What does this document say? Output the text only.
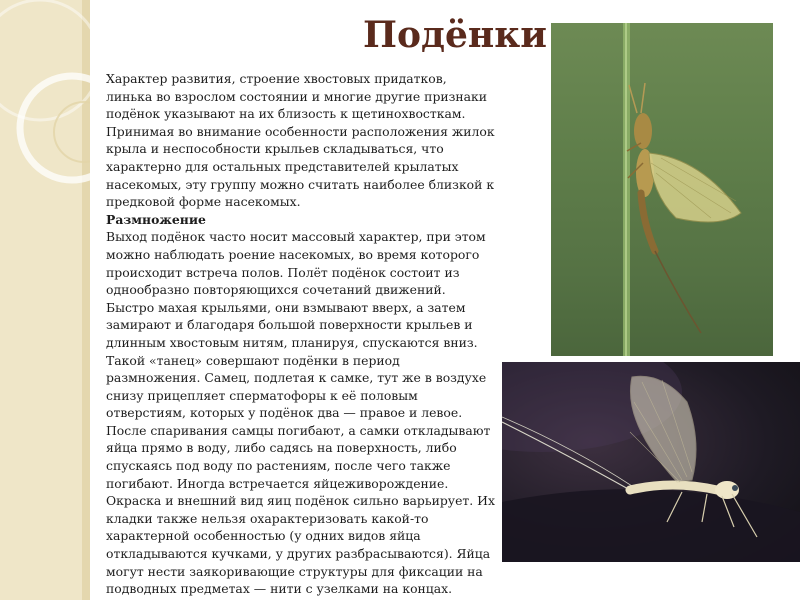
Подёнки

Характер развития, строение хвостовых придатков, линька во взрослом состоянии и многие другие признаки подёнок указывают на их близость к щетинохвосткам. Принимая во внимание особенности расположения жилок крыла и неспособности крыльев складываться, что характерно для остальных представителей крылатых насекомых, эту группу можно считать наиболее близкой к предковой форме насекомых.

Размножение

Выход подёнок часто носит массовый характер, при этом можно наблюдать роение насекомых, во время которого происходит встреча полов. Полёт подёнок состоит из однообразно повторяющихся сочетаний движений. Быстро махая крыльями, они взмывают вверх, а затем замирают и благодаря большой поверхности крыльев и длинным хвостовым нитям, планируя, спускаются вниз. Такой «танец» совершают подёнки в период размножения. Самец, подлетая к самке, тут же в воздухе снизу прицепляет сперматофоры к её половым отверстиям, которых у подёнок два — правое и левое. После спаривания самцы погибают, а самки откладывают яйца прямо в воду, либо садясь на поверхность, либо спускаясь под воду по растениям, после чего также погибают. Иногда встречается яйцеживорождение.

Окраска и внешний вид яиц подёнок сильно варьирует. Их кладки также нельзя охарактеризовать какой-то характерной особенностью (у одних видов яйца откладываются кучками, у других разбрасываются). Яйца могут нести заякоривающие структуры для фиксации на подводных предметах — нити с узелками на концах.
